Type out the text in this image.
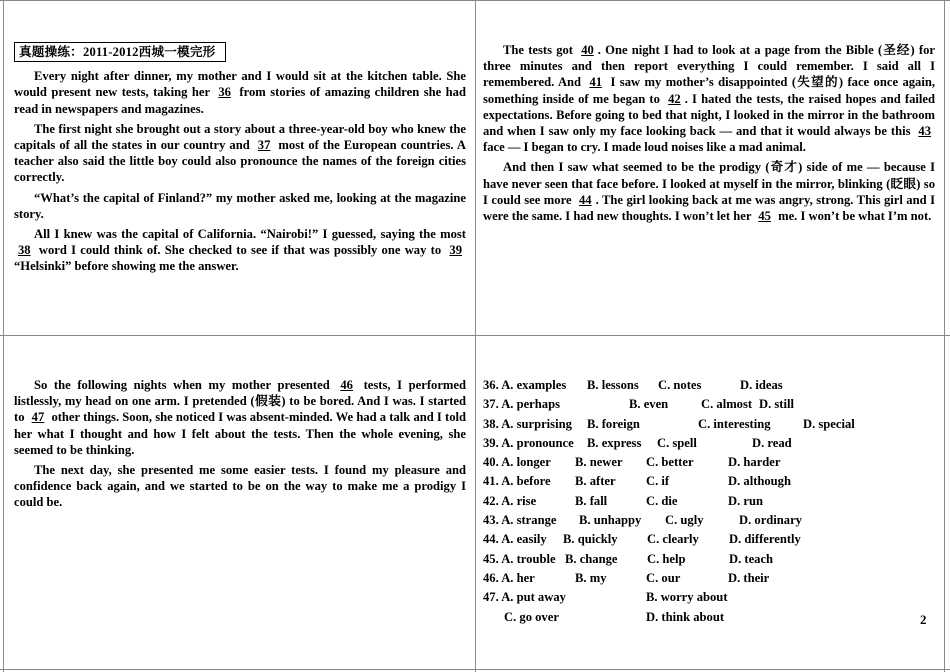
真题操练：2011-2012西城一模完形

Every night after dinner, my mother and I would sit at the kitchen table. She would present new tests, taking her 36 from stories of amazing children she had read in newspapers and magazines.

The first night she brought out a story about a three-year-old boy who knew the capitals of all the states in our country and 37 most of the European countries. A teacher also said the little boy could also pronounce the names of the foreign cities correctly.

“What’s the capital of Finland?” my mother asked me, looking at the magazine story.

All I knew was the capital of California. “Nairobi!” I guessed, saying the most 38 word I could think of. She checked to see if that was possibly one way to 39 “Helsinki” before showing me the answer.

The tests got 40 . One night I had to look at a page from the Bible (圣经) for three minutes and then report everything I could remember. I said all I remembered. And 41 I saw my mother’s disappointed (失望的) face once again, something inside of me began to 42 . I hated the tests, the raised hopes and failed expectations. Before going to bed that night, I looked in the mirror in the bathroom and when I saw only my face looking back — and that it would always be this 43 face — I began to cry. I made loud noises like a mad animal.

And then I saw what seemed to be the prodigy (奇才) side of me — because I have never seen that face before. I looked at myself in the mirror, blinking (眨眼) so I could see more 44 . The girl looking back at me was angry, strong. This girl and I were the same. I had new thoughts. I won’t let her 45 me. I won’t be what I’m not.

So the following nights when my mother presented 46 tests, I performed listlessly, my head on one arm. I pretended (假装) to be bored. And I was. I started to 47 other things. Soon, she noticed I was absent-minded. We had a talk and I told her what I thought and how I felt about the tests. Then the whole evening, she seemed to be thinking.

The next day, she presented me some easier tests. I found my pleasure and confidence back again, and we started to be on the way to make me a prodigy I could be.

36. A. examples	B. lessons	C. notes	D. ideas
37. A. perhaps	B. even	C. almost D. still
38. A. surprising	B. foreign	C. interesting	D. special
39. A. pronounce	B. express	C. spell	D. read
40. A. longer	B. newer	C. better	D. harder
41. A. before	B. after	C. if	D. although
42. A. rise	B. fall	C. die	D. run
43. A. strange	B. unhappy	C. ugly	D. ordinary
44. A. easily	B. quickly	C. clearly	D. differently
45. A. trouble B. change	C. help	D. teach
46. A. her	B. my	C. our	D. their
47. A. put away	B. worry about
C. go over	D. think about	2
